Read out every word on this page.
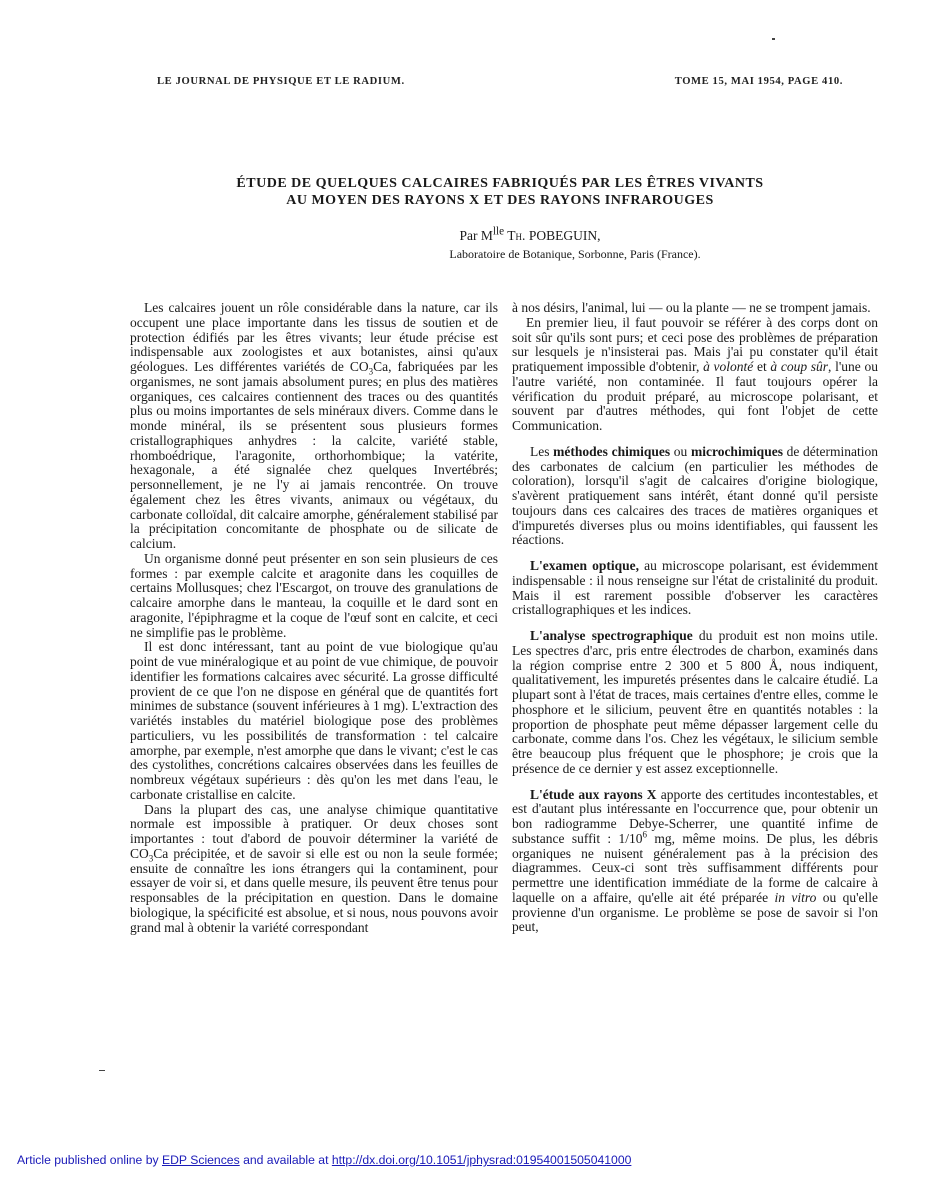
LE JOURNAL DE PHYSIQUE ET LE RADIUM.	TOME 15, MAI 1954, PAGE 410.
ÉTUDE DE QUELQUES CALCAIRES FABRIQUÉS PAR LES ÊTRES VIVANTS
AU MOYEN DES RAYONS X ET DES RAYONS INFRAROUGES
Par $M^{lle}$ Th. POBEGUIN,
Laboratoire de Botanique, Sorbonne, Paris (France).

Les calcaires jouent un rôle considérable dans la nature, car ils occupent une place importante dans les tissus de soutien et de protection édifiés par les êtres vivants; leur étude précise est indispensable aux zoologistes et aux botanistes, ainsi qu'aux géologues. Les différentes variétés de $CO_3Ca$, fabriquées par les organismes, ne sont jamais absolument pures; en plus des matières organiques, ces calcaires contiennent des traces ou des quantités plus ou moins importantes de sels minéraux divers. Comme dans le monde minéral, ils se présentent sous plusieurs formes cristallographiques anhydres : la calcite, variété stable, rhomboédrique, l'aragonite, orthorhombique; la vatérite, hexagonale, a été signalée chez quelques Invertébrés; personnellement, je ne l'y ai jamais rencontrée. On trouve également chez les êtres vivants, animaux ou végétaux, du carbonate colloïdal, dit calcaire amorphe, généralement stabilisé par la précipitation concomitante de phosphate ou de silicate de calcium.

Un organisme donné peut présenter en son sein plusieurs de ces formes : par exemple calcite et aragonite dans les coquilles de certains Mollusques; chez l'Escargot, on trouve des granulations de calcaire amorphe dans le manteau, la coquille et le dard sont en aragonite, l'épiphragme et la coque de l'œuf sont en calcite, et ceci ne simplifie pas le problème.

Il est donc intéressant, tant au point de vue biologique qu'au point de vue minéralogique et au point de vue chimique, de pouvoir identifier les formations calcaires avec sécurité. La grosse difficulté provient de ce que l'on ne dispose en général que de quantités fort minimes de substance (souvent inférieures à 1 mg). L'extraction des variétés instables du matériel biologique pose des problèmes particuliers, vu les possibilités de transformation : tel calcaire amorphe, par exemple, n'est amorphe que dans le vivant; c'est le cas des cystolithes, concrétions calcaires observées dans les feuilles de nombreux végétaux supérieurs : dès qu'on les met dans l'eau, le carbonate cristallise en calcite.

Dans la plupart des cas, une analyse chimique quantitative normale est impossible à pratiquer. Or deux choses sont importantes : tout d'abord de pouvoir déterminer la variété de $CO_3Ca$ précipitée, et de savoir si elle est ou non la seule formée; ensuite de connaître les ions étrangers qui la contaminent, pour essayer de voir si, et dans quelle mesure, ils peuvent être tenus pour responsables de la précipitation en question. Dans le domaine biologique, la spécificité est absolue, et si nous, nous pouvons avoir grand mal à obtenir la variété correspondant

à nos désirs, l'animal, lui — ou la plante — ne se trompent jamais.

En premier lieu, il faut pouvoir se référer à des corps dont on soit sûr qu'ils sont purs; et ceci pose des problèmes de préparation sur lesquels je n'insisterai pas. Mais j'ai pu constater qu'il était pratiquement impossible d'obtenir, à volonté et à coup sûr, l'une ou l'autre variété, non contaminée. Il faut toujours opérer la vérification du produit préparé, au microscope polarisant, et souvent par d'autres méthodes, qui font l'objet de cette Communication.

Les méthodes chimiques ou microchimiques de détermination des carbonates de calcium (en particulier les méthodes de coloration), lorsqu'il s'agit de calcaires d'origine biologique, s'avèrent pratiquement sans intérêt, étant donné qu'il persiste toujours dans ces calcaires des traces de matières organiques et d'impuretés diverses plus ou moins identifiables, qui faussent les réactions.

L'examen optique, au microscope polarisant, est évidemment indispensable : il nous renseigne sur l'état de cristalinité du produit. Mais il est rarement possible d'observer les caractères cristallographiques et les indices.

L'analyse spectrographique du produit est non moins utile. Les spectres d'arc, pris entre électrodes de charbon, examinés dans la région comprise entre 2 300 et 5 800 Å, nous indiquent, qualitativement, les impuretés présentes dans le calcaire étudié. La plupart sont à l'état de traces, mais certaines d'entre elles, comme le phosphore et le silicium, peuvent être en quantités notables : la proportion de phosphate peut même dépasser largement celle du carbonate, comme dans l'os. Chez les végétaux, le silicium semble être beaucoup plus fréquent que le phosphore; je crois que la présence de ce dernier y est assez exceptionnelle.

L'étude aux rayons X apporte des certitudes incontestables, et est d'autant plus intéressante en l'occurrence que, pour obtenir un bon radiogramme Debye-Scherrer, une quantité infime de substance suffit : $1/10^6$ mg, même moins. De plus, les débris organiques ne nuisent généralement pas à la précision des diagrammes. Ceux-ci sont très suffisamment différents pour permettre une identification immédiate de la forme de calcaire à laquelle on a affaire, qu'elle ait été préparée in vitro ou qu'elle provienne d'un organisme. Le problème se pose de savoir si l'on peut,

Article published online by EDP Sciences and available at http://dx.doi.org/10.1051/jphysrad:01954001505041000
